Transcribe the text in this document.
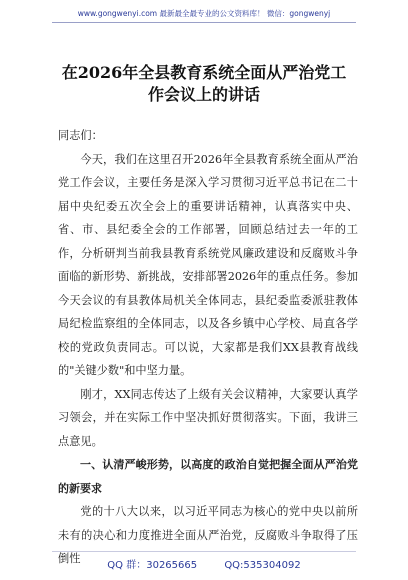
www.gongwenyi.com 最新最全最专业的公文资料库！ 微信：gongwenyj
在2026年全县教育系统全面从严治党工
作会议上的讲话

同志们：

今天，我们在这里召开2026年全县教育系统全面从严治党工作会议，主要任务是深入学习贯彻习近平总书记在二十届中央纪委五次全会上的重要讲话精神，认真落实中央、省、市、县纪委全会的工作部署，回顾总结过去一年的工作，分析研判当前我县教育系统党风廉政建设和反腐败斗争面临的新形势、新挑战，安排部署2026年的重点任务。参加今天会议的有县教体局机关全体同志，县纪委监委派驻教体局纪检监察组的全体同志，以及各乡镇中心学校、局直各学校的党政负责同志。可以说，大家都是我们XX县教育战线的"关键少数"和中坚力量。

刚才，XX同志传达了上级有关会议精神，大家要认真学习领会，并在实际工作中坚决抓好贯彻落实。下面，我讲三点意见。

一、认清严峻形势，以高度的政治自觉把握全面从严治党的新要求

党的十八大以来，以习近平同志为核心的党中央以前所未有的决心和力度推进全面从严治党，反腐败斗争取得了压倒性

QQ 群：30265665	QQ:535304092
